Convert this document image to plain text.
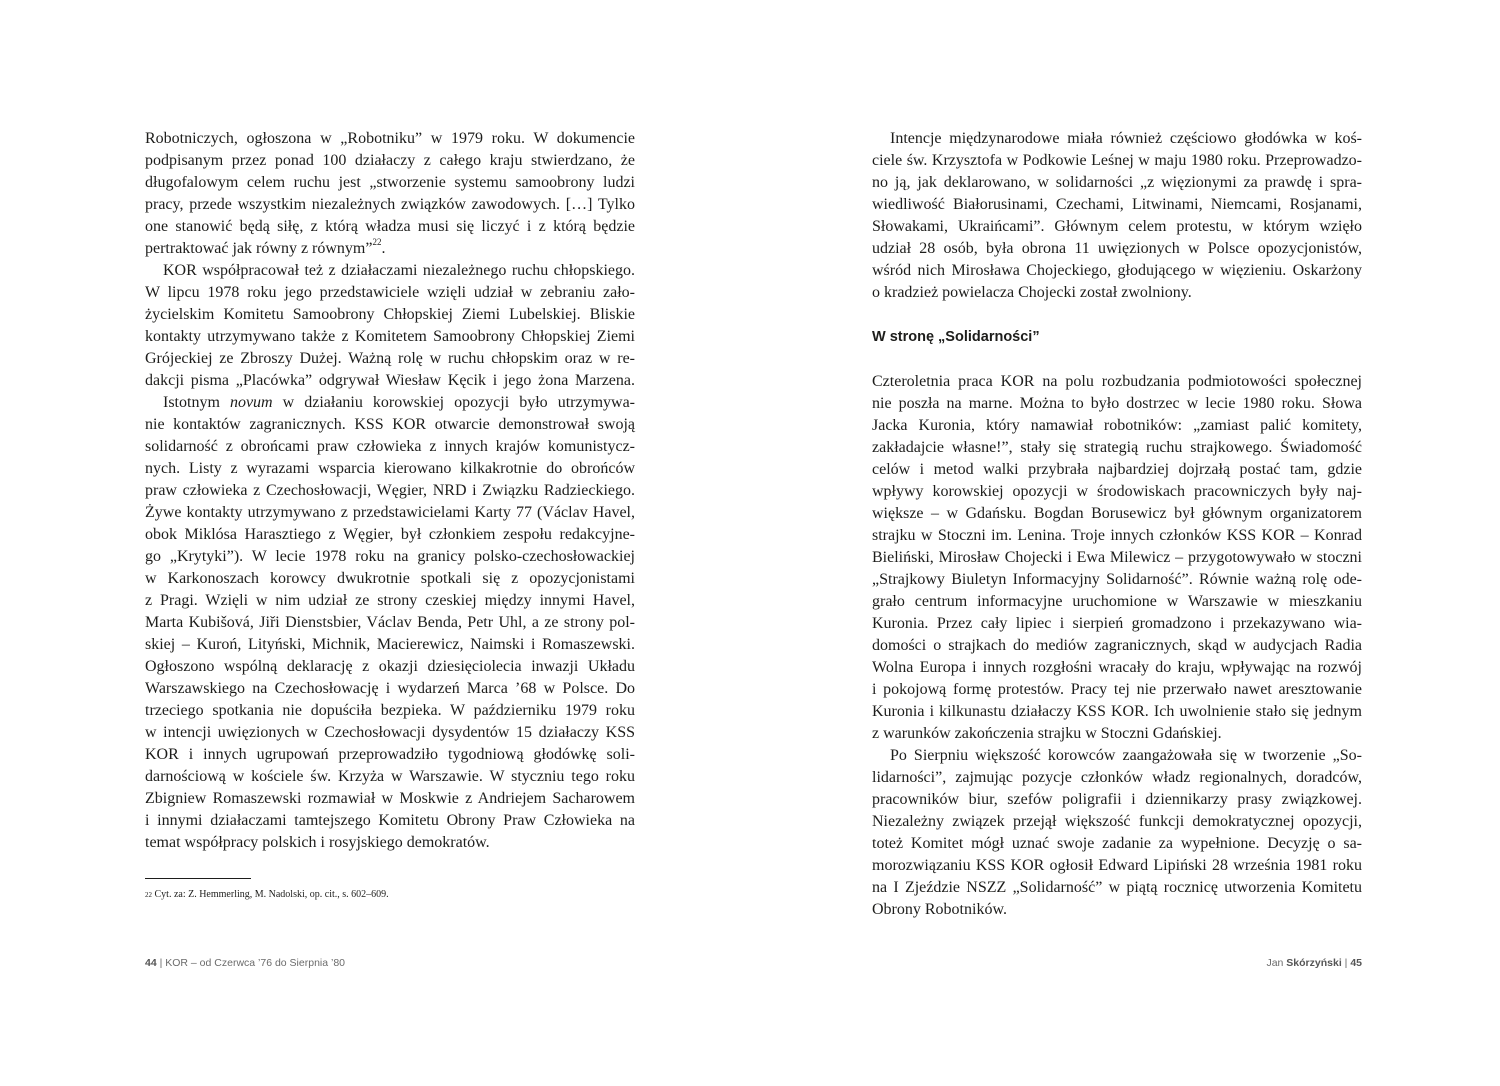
Robotniczych, ogłoszona w „Robotniku” w 1979 roku. W dokumencie
podpisanym przez ponad 100 działaczy z całego kraju stwierdzano, że
długofalowym celem ruchu jest „stworzenie systemu samoobrony ludzi
pracy, przede wszystkim niezależnych związków zawodowych. […] Tylko
one stanowić będą siłę, z którą władza musi się liczyć i z którą będzie
pertraktować jak równy z równym”$^{22}$.
KOR współpracował też z działaczami niezależnego ruchu chłopskiego.
W lipcu 1978 roku jego przedstawiciele wzięli udział w zebraniu zało-
życielskim Komitetu Samoobrony Chłopskiej Ziemi Lubelskiej. Bliskie
kontakty utrzymywano także z Komitetem Samoobrony Chłopskiej Ziemi
Grójeckiej ze Zbroszy Dużej. Ważną rolę w ruchu chłopskim oraz w re-
dakcji pisma „Placówka” odgrywał Wiesław Kęcik i jego żona Marzena.
Istotnym novum w działaniu korowskiej opozycji było utrzymywa-
nie kontaktów zagranicznych. KSS KOR otwarcie demonstrował swoją
solidarność z obrońcami praw człowieka z innych krajów komunistycz-
nych. Listy z wyrazami wsparcia kierowano kilkakrotnie do obrońców
praw człowieka z Czechosłowacji, Węgier, NRD i Związku Radzieckiego.
Żywe kontakty utrzymywano z przedstawicielami Karty 77 (Václav Havel,
obok Miklósa Harasztiego z Węgier, był członkiem zespołu redakcyjne-
go „Krytyki”). W lecie 1978 roku na granicy polsko-czechosłowackiej
w Karkonoszach korowcy dwukrotnie spotkali się z opozycjonistami
z Pragi. Wzięli w nim udział ze strony czeskiej między innymi Havel,
Marta Kubišová, Jiři Dienstsbier, Václav Benda, Petr Uhl, a ze strony pol-
skiej – Kuroń, Lityński, Michnik, Macierewicz, Naimski i Romaszewski.
Ogłoszono wspólną deklarację z okazji dziesięciolecia inwazji Układu
Warszawskiego na Czechosłowację i wydarzeń Marca ’68 w Polsce. Do
trzeciego spotkania nie dopuściła bezpieka. W październiku 1979 roku
w intencji uwięzionych w Czechosłowacji dysydentów 15 działaczy KSS
KOR i innych ugrupowań przeprowadziło tygodniową głodówkę soli-
darnościową w kościele św. Krzyża w Warszawie. W styczniu tego roku
Zbigniew Romaszewski rozmawiał w Moskwie z Andriejem Sacharowem
i innymi działaczami tamtejszego Komitetu Obrony Praw Człowieka na
temat współpracy polskich i rosyjskiego demokratów.
$^{22}$ Cyt. za: Z. Hemmerling, M. Nadolski, op. cit., s. 602–609.
44 | KOR – od Czerwca ’76 do Sierpnia ’80
Intencje międzynarodowe miała również częściowo głodówka w koś-
ciele św. Krzysztofa w Podkowie Leśnej w maju 1980 roku. Przeprowadzo-
no ją, jak deklarowano, w solidarności „z więzionymi za prawdę i spra-
wiedliwość Białorusinami, Czechami, Litwinami, Niemcami, Rosjanami,
Słowakami, Ukraińcami”. Głównym celem protestu, w którym wzięło
udział 28 osób, była obrona 11 uwięzionych w Polsce opozycjonistów,
wśród nich Mirosława Chojeckiego, głodującego w więzieniu. Oskarżony
o kradzież powielacza Chojecki został zwolniony.
W stronę „Solidarności”
Czteroletnia praca KOR na polu rozbudzania podmiotowości społecznej
nie poszła na marne. Można to było dostrzec w lecie 1980 roku. Słowa
Jacka Kuronia, który namawiał robotników: „zamiast palić komitety,
zakładajcie własne!”, stały się strategią ruchu strajkowego. Świadomość
celów i metod walki przybrała najbardziej dojrzałą postać tam, gdzie
wpływy korowskiej opozycji w środowiskach pracowniczych były naj-
większe – w Gdańsku. Bogdan Borusewicz był głównym organizatorem
strajku w Stoczni im. Lenina. Troje innych członków KSS KOR – Konrad
Bieliński, Mirosław Chojecki i Ewa Milewicz – przygotowywało w stoczni
„Strajkowy Biuletyn Informacyjny Solidarność”. Równie ważną rolę ode-
grało centrum informacyjne uruchomione w Warszawie w mieszkaniu
Kuronia. Przez cały lipiec i sierpień gromadzono i przekazywano wia-
domości o strajkach do mediów zagranicznych, skąd w audycjach Radia
Wolna Europa i innych rozgłośni wracały do kraju, wpływając na rozwój
i pokojową formę protestów. Pracy tej nie przerwało nawet aresztowanie
Kuronia i kilkunastu działaczy KSS KOR. Ich uwolnienie stało się jednym
z warunków zakończenia strajku w Stoczni Gdańskiej.
Po Sierpniu większość korowców zaangażowała się w tworzenie „So-
lidarności”, zajmując pozycje członków władz regionalnych, doradców,
pracowników biur, szefów poligrafii i dziennikarzy prasy związkowej.
Niezależny związek przejął większość funkcji demokratycznej opozycji,
toteż Komitet mógł uznać swoje zadanie za wypełnione. Decyzję o sa-
morozwiązaniu KSS KOR ogłosił Edward Lipiński 28 września 1981 roku
na I Zjeździe NSZZ „Solidarność” w piątą rocznicę utworzenia Komitetu
Obrony Robotników.
Jan Skórzyński | 45
